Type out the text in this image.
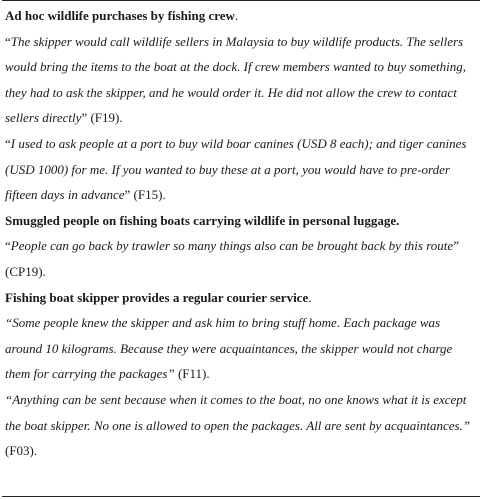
Ad hoc wildlife purchases by fishing crew.

“The skipper would call wildlife sellers in Malaysia to buy wildlife products. The sellers would bring the items to the boat at the dock. If crew members wanted to buy something, they had to ask the skipper, and he would order it. He did not allow the crew to contact sellers directly” (F19).

“I used to ask people at a port to buy wild boar canines (USD 8 each); and tiger canines (USD 1000) for me. If you wanted to buy these at a port, you would have to pre-order fifteen days in advance” (F15).

Smuggled people on fishing boats carrying wildlife in personal luggage.

“People can go back by trawler so many things also can be brought back by this route” (CP19).

Fishing boat skipper provides a regular courier service.

“Some people knew the skipper and ask him to bring stuff home. Each package was around 10 kilograms. Because they were acquaintances, the skipper would not charge them for carrying the packages” (F11).

“Anything can be sent because when it comes to the boat, no one knows what it is except the boat skipper. No one is allowed to open the packages. All are sent by acquaintances.” (F03).
